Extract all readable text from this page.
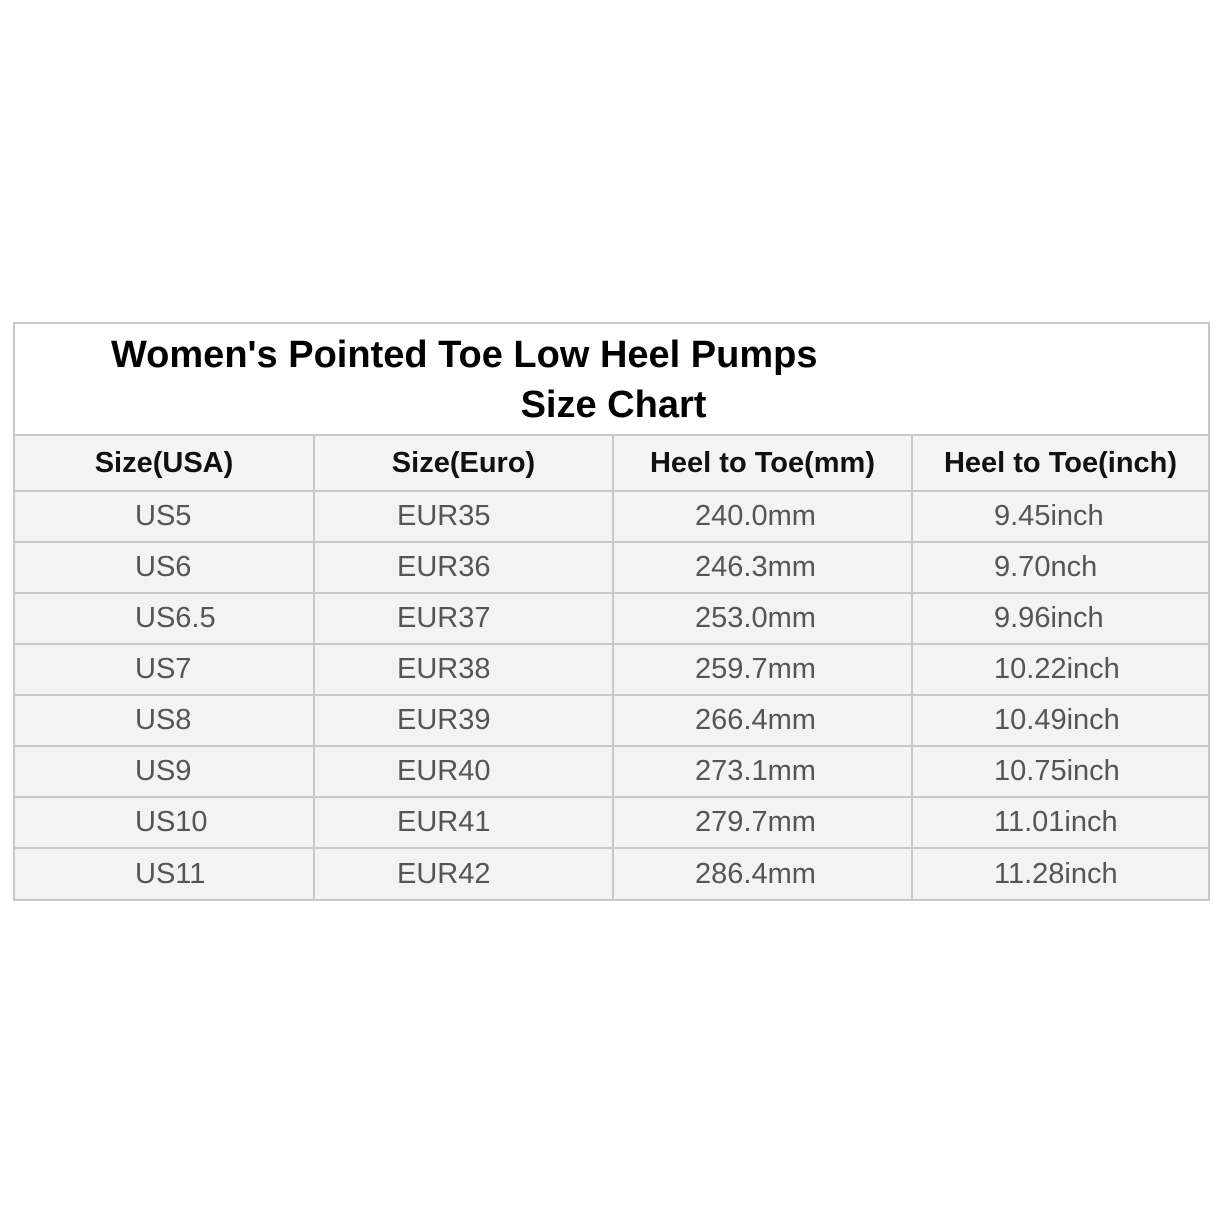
Women's Pointed Toe Low Heel Pumps
Size Chart
Size(USA)	Size(Euro)	Heel to Toe(mm)	Heel to Toe(inch)
US5	EUR35	240.0mm	9.45inch
US6	EUR36	246.3mm	9.70nch
US6.5	EUR37	253.0mm	9.96inch
US7	EUR38	259.7mm	10.22inch
US8	EUR39	266.4mm	10.49inch
US9	EUR40	273.1mm	10.75inch
US10	EUR41	279.7mm	11.01inch
US11	EUR42	286.4mm	11.28inch
